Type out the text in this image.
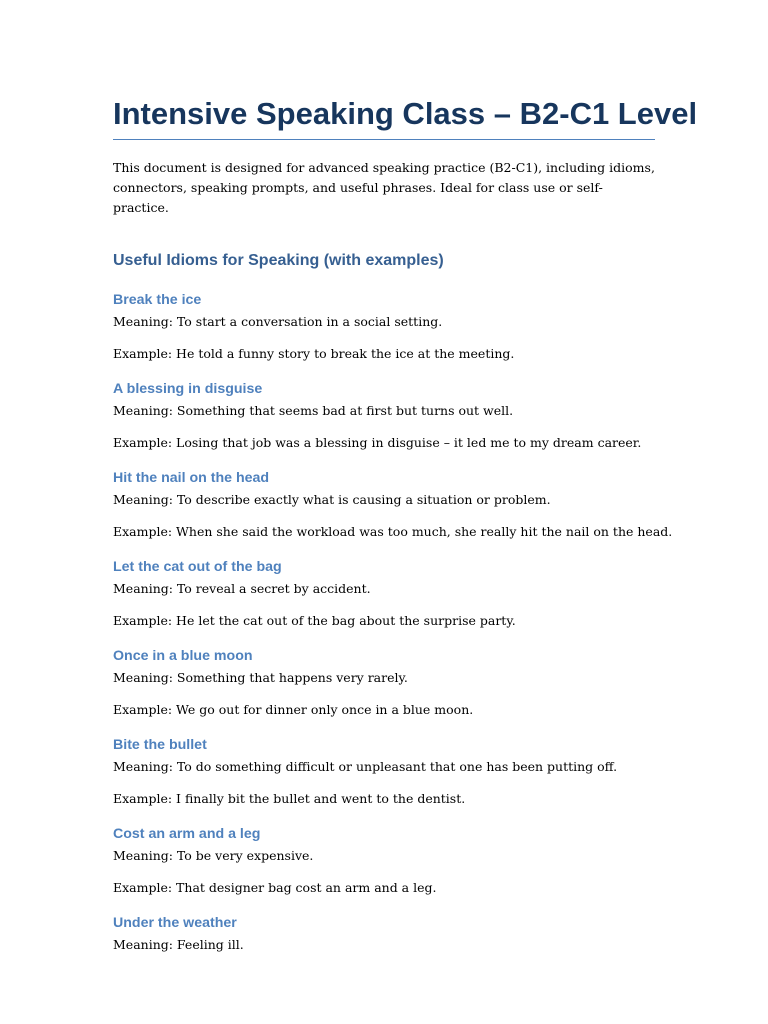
Intensive Speaking Class – B2-C1 Level

This document is designed for advanced speaking practice (B2-C1), including idioms, connectors, speaking prompts, and useful phrases. Ideal for class use or self-practice.

Useful Idioms for Speaking (with examples)
Break the ice

Meaning: To start a conversation in a social setting.

Example: He told a funny story to break the ice at the meeting.

A blessing in disguise

Meaning: Something that seems bad at first but turns out well.

Example: Losing that job was a blessing in disguise – it led me to my dream career.

Hit the nail on the head

Meaning: To describe exactly what is causing a situation or problem.

Example: When she said the workload was too much, she really hit the nail on the head.

Let the cat out of the bag

Meaning: To reveal a secret by accident.

Example: He let the cat out of the bag about the surprise party.

Once in a blue moon

Meaning: Something that happens very rarely.

Example: We go out for dinner only once in a blue moon.

Bite the bullet

Meaning: To do something difficult or unpleasant that one has been putting off.

Example: I finally bit the bullet and went to the dentist.

Cost an arm and a leg

Meaning: To be very expensive.

Example: That designer bag cost an arm and a leg.

Under the weather

Meaning: Feeling ill.
